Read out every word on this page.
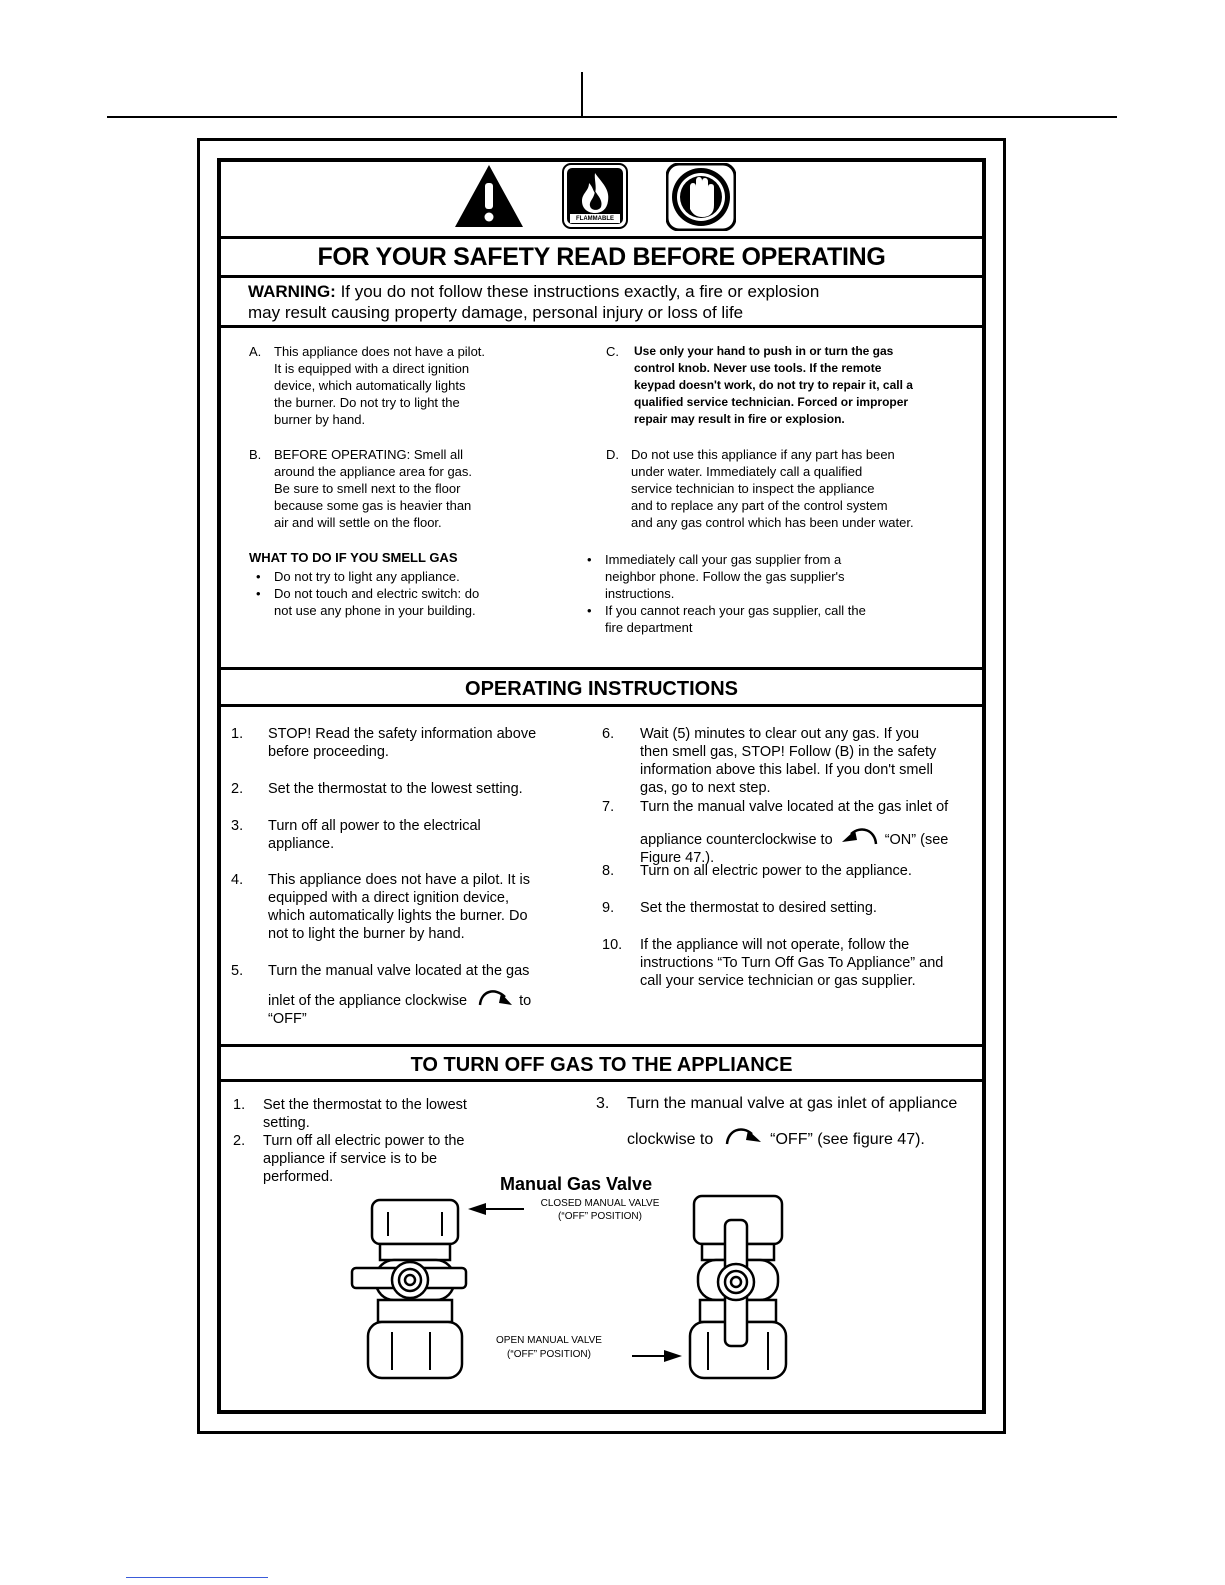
FLAMMABLE
FOR YOUR SAFETY READ BEFORE OPERATING
WARNING: If you do not follow these instructions exactly, a fire or explosion
may result causing property damage, personal injury or loss of life
A. This appliance does not have a pilot.
It is equipped with a direct ignition
device, which automatically lights
the burner. Do not try to light the
burner by hand.
B. BEFORE OPERATING: Smell all
around the appliance area for gas.
Be sure to smell next to the floor
because some gas is heavier than
air and will settle on the floor.
C. Use only your hand to push in or turn the gas
control knob. Never use tools. If the remote
keypad doesn't work, do not try to repair it, call a
qualified service technician. Forced or improper
repair may result in fire or explosion.
D. Do not use this appliance if any part has been
under water. Immediately call a qualified
service technician to inspect the appliance
and to replace any part of the control system
and any gas control which has been under water.
WHAT TO DO IF YOU SMELL GAS
• Do not try to light any appliance.
• Do not touch and electric switch: do
not use any phone in your building.
• Immediately call your gas supplier from a
neighbor phone. Follow the gas supplier's
instructions.
• If you cannot reach your gas supplier, call the
fire department
OPERATING INSTRUCTIONS
1. STOP! Read the safety information above
before proceeding.
2. Set the thermostat to the lowest setting.
3. Turn off all power to the electrical
appliance.
4. This appliance does not have a pilot. It is
equipped with a direct ignition device,
which automatically lights the burner. Do
not to light the burner by hand.
5. Turn the manual valve located at the gas
inlet of the appliance clockwise	to
“OFF”
6. Wait (5) minutes to clear out any gas. If you
then smell gas, STOP! Follow (B) in the safety
information above this label. If you don't smell
gas, go to next step.
7. Turn the manual valve located at the gas inlet of
appliance counterclockwise to	“ON” (see
Figure 47.).
8. Turn on all electric power to the appliance.
9. Set the thermostat to desired setting.
10. If the appliance will not operate, follow the
instructions “To Turn Off Gas To Appliance” and
call your service technician or gas supplier.
TO TURN OFF GAS TO THE APPLIANCE
1. Set the thermostat to the lowest
setting.
2. Turn off all electric power to the
appliance if service is to be
performed.
3. Turn the manual valve at gas inlet of appliance
clockwise to	“OFF” (see figure 47).
Manual Gas Valve
CLOSED MANUAL VALVE
(“OFF” POSITION)
OPEN MANUAL VALVE
(“OFF” POSITION)
